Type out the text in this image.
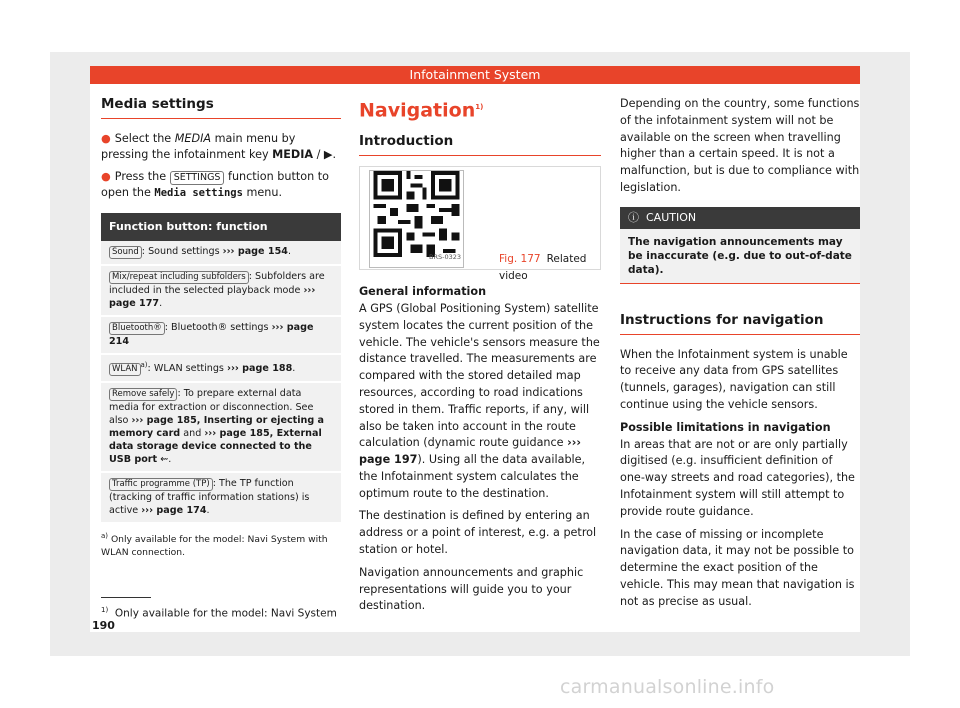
Infotainment System
Media settings
● Select the MEDIA main menu by pressing the infotainment key MEDIA / ▶.
● Press the SETTINGS function button to open the Media settings menu.
Function button: function
Sound : Sound settings ››› page 154.
Mix/repeat including subfolders : Subfolders are included in the selected playback mode ››› page 177.
Bluetooth® : Bluetooth® settings ››› page 214
WLAN $^{a)}$: WLAN settings ››› page 188.
Remove safely : To prepare external data media for extraction or disconnection. See also ››› page 185, Inserting or ejecting a memory card and ››› page 185, External data storage device connected to the USB port ⇜.
Traffic programme (TP) : The TP function (tracking of traffic information stations) is active ››› page 174.
$^{a)}$ Only available for the model: Navi System with WLAN connection.
Navigation$^{1)}$
Introduction
BRS-0323	Fig. 177 Related video
General information

A GPS (Global Positioning System) satellite system locates the current position of the vehicle. The vehicle's sensors measure the distance travelled. The measurements are compared with the stored detailed map resources, according to road indications stored in them. Traffic reports, if any, will also be taken into account in the route calculation (dynamic route guidance ››› page 197). Using all the data available, the Infotainment system calculates the optimum route to the destination.

The destination is defined by entering an address or a point of interest, e.g. a petrol station or hotel.

Navigation announcements and graphic representations will guide you to your destination.

Depending on the country, some functions of the infotainment system will not be available on the screen when travelling higher than a certain speed. It is not a malfunction, but is due to compliance with legislation.

ⓘ CAUTION
The navigation announcements may be inaccurate (e.g. due to out-of-date data).
Instructions for navigation

When the Infotainment system is unable to receive any data from GPS satellites (tunnels, garages), navigation can still continue using the vehicle sensors.

Possible limitations in navigation

In areas that are not or are only partially digitised (e.g. insufficient definition of one-way streets and road categories), the Infotainment system will still attempt to provide route guidance.

In the case of missing or incomplete navigation data, it may not be possible to determine the exact position of the vehicle. This may mean that navigation is not as precise as usual.

$^{1)}$ Only available for the model: Navi System
190
carmanualsonline.info
